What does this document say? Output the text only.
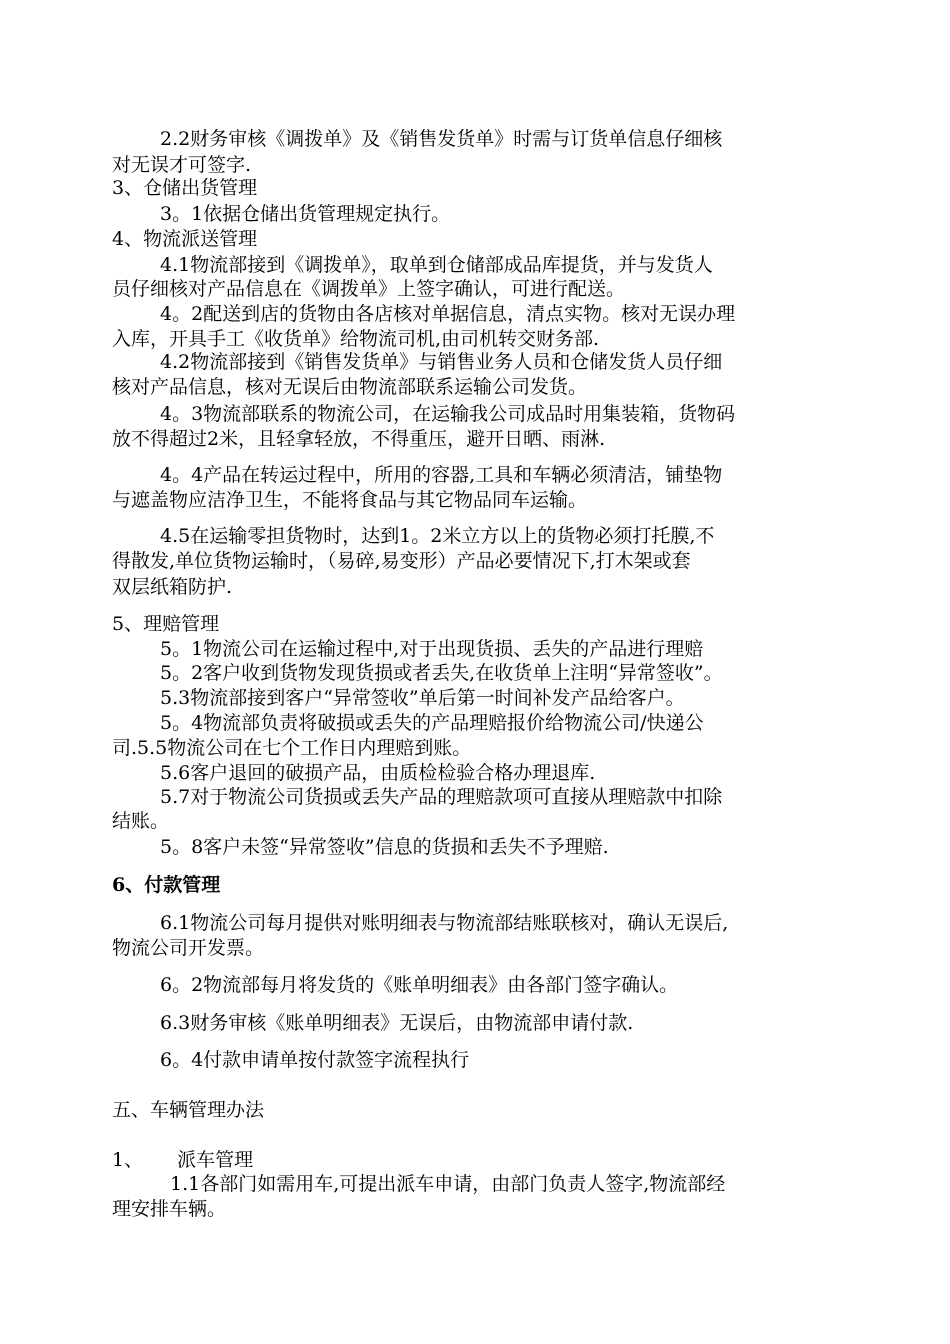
2.2财务审核《调拨单》及《销售发货单》时需与订货单信息仔细核
对无误才可签字.
3、仓储出货管理
3。1依据仓储出货管理规定执行。
4、物流派送管理
4.1物流部接到《调拨单》，取单到仓储部成品库提货，并与发货人
员仔细核对产品信息在《调拨单》上签字确认，可进行配送。
4。2配送到店的货物由各店核对单据信息，清点实物。核对无误办理
入库，开具手工《收货单》给物流司机,由司机转交财务部.
4.2物流部接到《销售发货单》与销售业务人员和仓储发货人员仔细
核对产品信息，核对无误后由物流部联系运输公司发货。
4。3物流部联系的物流公司，在运输我公司成品时用集装箱，货物码
放不得超过2米，且轻拿轻放，不得重压，避开日晒、雨淋.
4。4产品在转运过程中，所用的容器,工具和车辆必须清洁，铺垫物
与遮盖物应洁净卫生，不能将食品与其它物品同车运输。
4.5在运输零担货物时，达到1。2米立方以上的货物必须打托膜,不
得散发,单位货物运输时，（易碎,易变形）产品必要情况下,打木架或套
双层纸箱防护.
5、理赔管理
5。1物流公司在运输过程中,对于出现货损、丢失的产品进行理赔
5。2客户收到货物发现货损或者丢失,在收货单上注明“异常签收”。
5.3物流部接到客户“异常签收”单后第一时间补发产品给客户。
5。4物流部负责将破损或丢失的产品理赔报价给物流公司/快递公
司.5.5物流公司在七个工作日内理赔到账。
5.6客户退回的破损产品，由质检检验合格办理退库.
5.7对于物流公司货损或丢失产品的理赔款项可直接从理赔款中扣除
结账。
5。8客户未签“异常签收”信息的货损和丢失不予理赔.
6、付款管理
6.1物流公司每月提供对账明细表与物流部结账联核对，确认无误后,
物流公司开发票。
6。2物流部每月将发货的《账单明细表》由各部门签字确认。
6.3财务审核《账单明细表》无误后，由物流部申请付款.
6。4付款申请单按付款签字流程执行
五、车辆管理办法
1、 派车管理
1.1各部门如需用车,可提出派车申请，由部门负责人签字,物流部经
理安排车辆。
